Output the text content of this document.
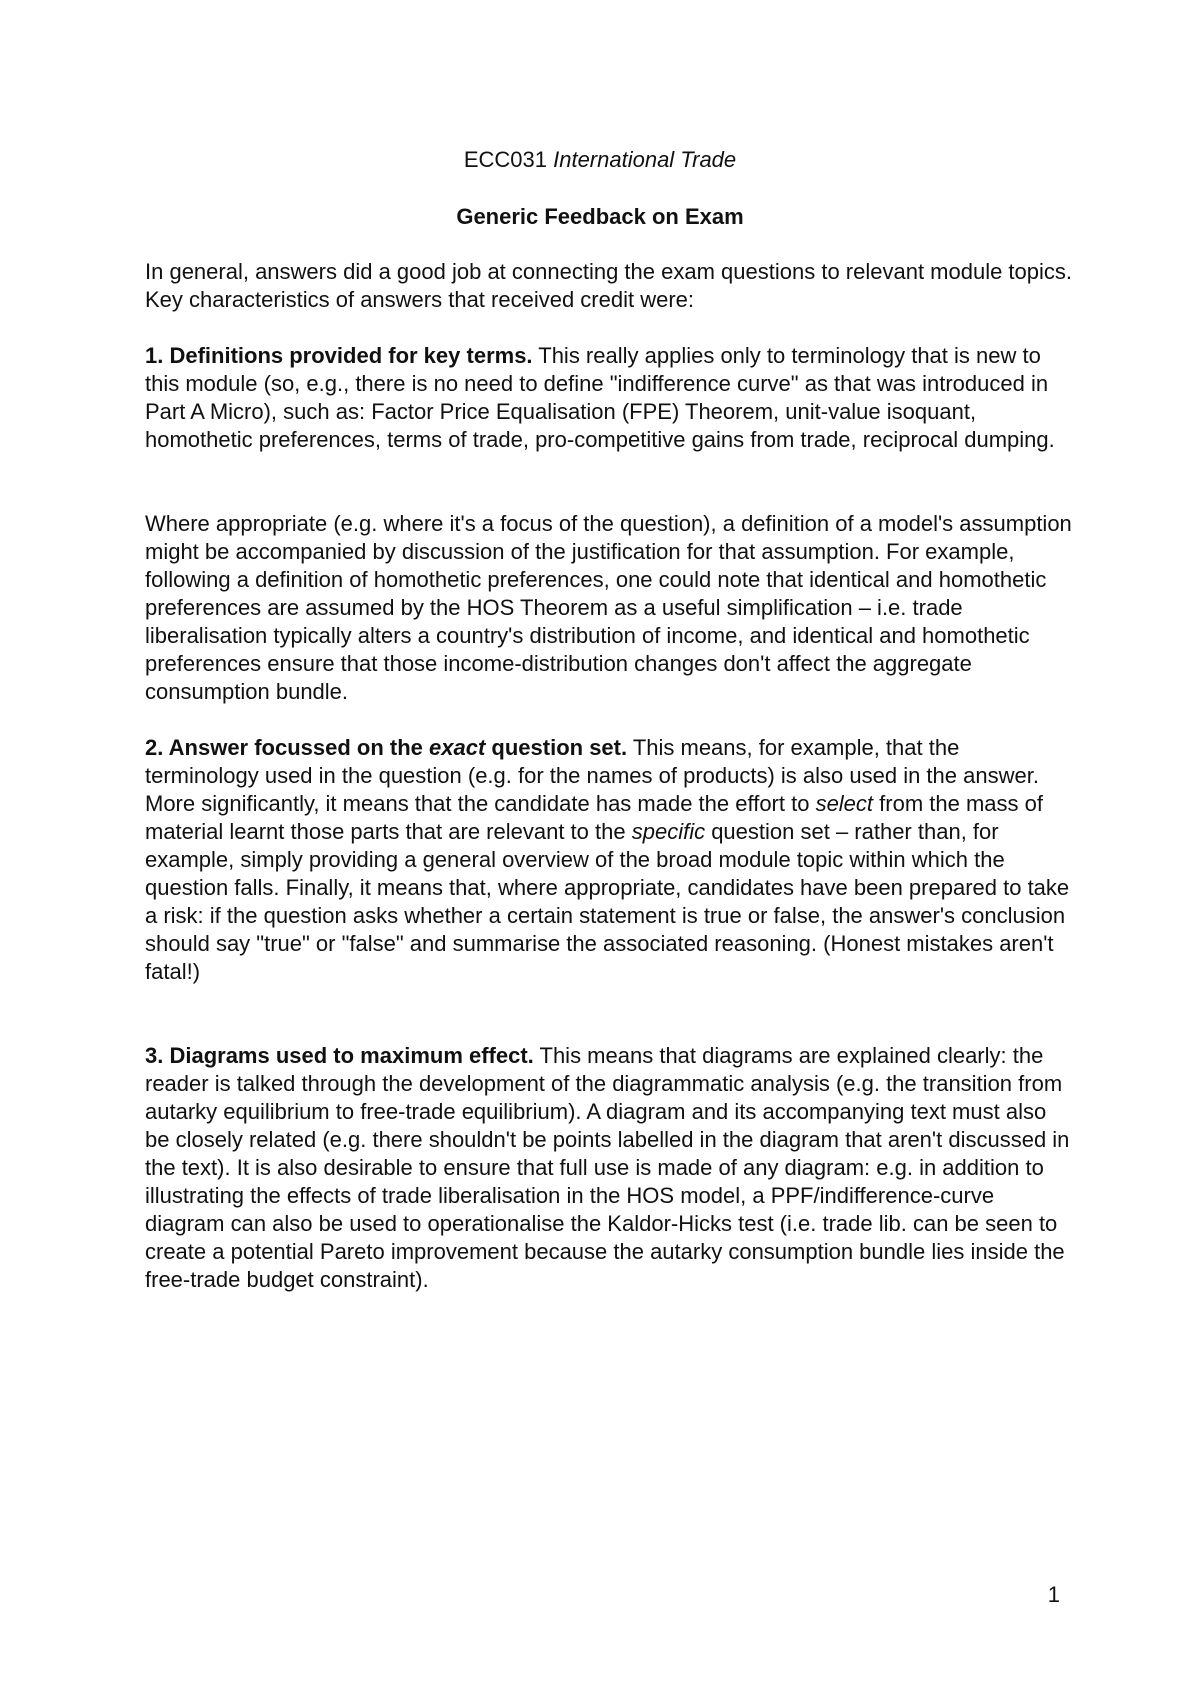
ECC031 International Trade
Generic Feedback on Exam

In general, answers did a good job at connecting the exam questions to relevant module topics. Key characteristics of answers that received credit were:

1. Definitions provided for key terms. This really applies only to terminology that is new to this module (so, e.g., there is no need to define "indifference curve" as that was introduced in Part A Micro), such as: Factor Price Equalisation (FPE) Theorem, unit-value isoquant, homothetic preferences, terms of trade, pro-competitive gains from trade, reciprocal dumping.

Where appropriate (e.g. where it's a focus of the question), a definition of a model's assumption might be accompanied by discussion of the justification for that assumption. For example, following a definition of homothetic preferences, one could note that identical and homothetic preferences are assumed by the HOS Theorem as a useful simplification – i.e. trade liberalisation typically alters a country's distribution of income, and identical and homothetic preferences ensure that those income-distribution changes don't affect the aggregate consumption bundle.

2. Answer focussed on the exact question set. This means, for example, that the terminology used in the question (e.g. for the names of products) is also used in the answer. More significantly, it means that the candidate has made the effort to select from the mass of material learnt those parts that are relevant to the specific question set – rather than, for example, simply providing a general overview of the broad module topic within which the question falls. Finally, it means that, where appropriate, candidates have been prepared to take a risk: if the question asks whether a certain statement is true or false, the answer's conclusion should say "true" or "false" and summarise the associated reasoning. (Honest mistakes aren't fatal!)

3. Diagrams used to maximum effect. This means that diagrams are explained clearly: the reader is talked through the development of the diagrammatic analysis (e.g. the transition from autarky equilibrium to free-trade equilibrium). A diagram and its accompanying text must also be closely related (e.g. there shouldn't be points labelled in the diagram that aren't discussed in the text). It is also desirable to ensure that full use is made of any diagram: e.g. in addition to illustrating the effects of trade liberalisation in the HOS model, a PPF/indifference-curve diagram can also be used to operationalise the Kaldor-Hicks test (i.e. trade lib. can be seen to create a potential Pareto improvement because the autarky consumption bundle lies inside the free-trade budget constraint).

1
